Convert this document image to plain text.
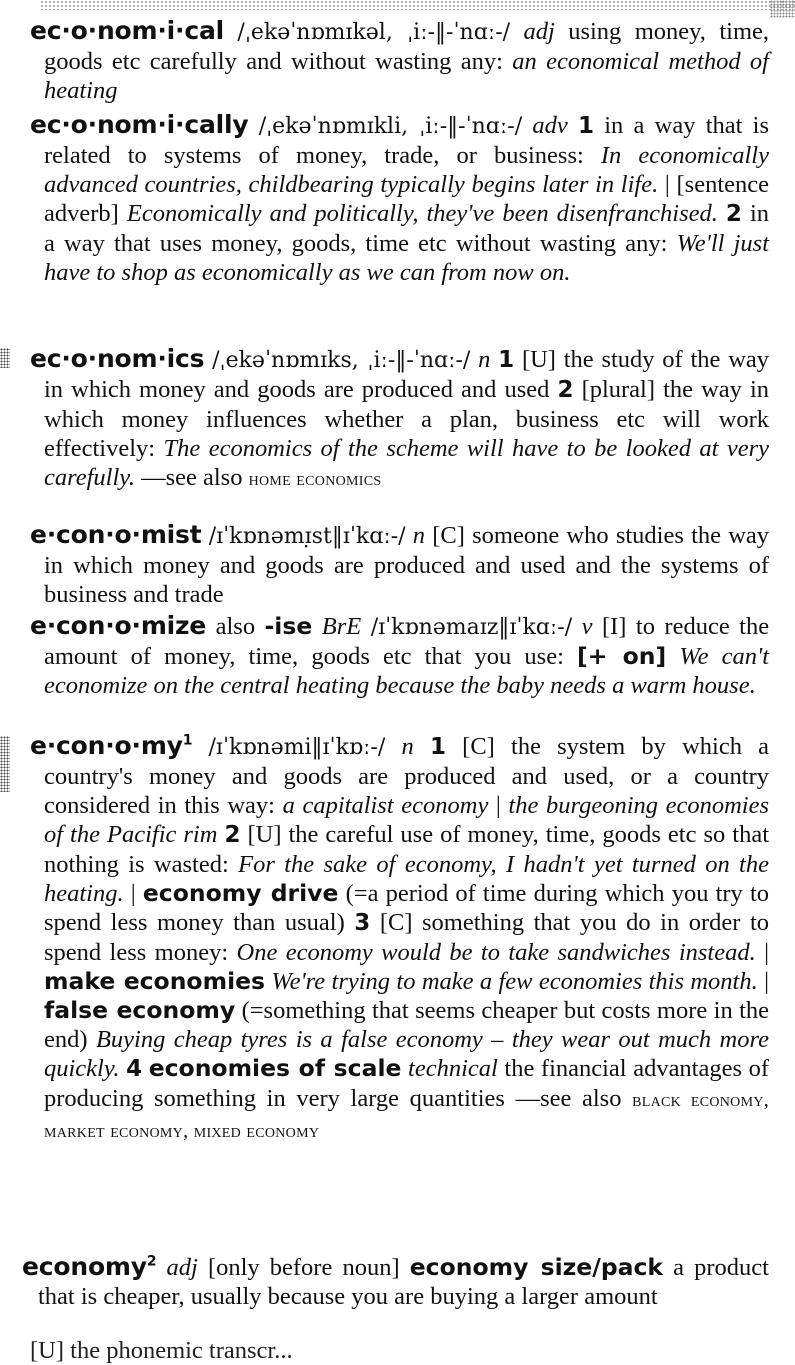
ec·o·nom·i·cal /ˌekəˈnɒmɪkəl, ˌiː-‖-ˈnɑː-/ adj using money, time, goods etc carefully and without wasting any: an economical method of heating
ec·o·nom·i·cally /ˌekəˈnɒmɪkli, ˌiː-‖-ˈnɑː-/ adv 1 in a way that is related to systems of money, trade, or business: In economically advanced countries, childbearing typically begins later in life. | [sentence adverb] Economically and politically, they've been disenfranchised. 2 in a way that uses money, goods, time etc without wasting any: We'll just have to shop as economically as we can from now on.
ec·o·nom·ics /ˌekəˈnɒmɪks, ˌiː-‖-ˈnɑː-/ n 1 [U] the study of the way in which money and goods are produced and used 2 [plural] the way in which money influences whether a plan, business etc will work effectively: The economics of the scheme will have to be looked at very carefully. —see also home economics
e·con·o·mist /ɪˈkɒnəmɪ̣st‖ɪˈkɑː-/ n [C] someone who studies the way in which money and goods are produced and used and the systems of business and trade
e·con·o·mize also -ise BrE /ɪˈkɒnəmaɪz‖ɪˈkɑː-/ v [I] to reduce the amount of money, time, goods etc that you use: [+ on] We can't economize on the central heating because the baby needs a warm house.
$e\cdot con\cdot o\cdot my^1$ /ɪˈkɒnəmi‖ɪˈkɒː-/ n 1 [C] the system by which a country's money and goods are produced and used, or a country considered in this way: a capitalist economy | the burgeoning economies of the Pacific rim 2 [U] the careful use of money, time, goods etc so that nothing is wasted: For the sake of economy, I hadn't yet turned on the heating. | economy drive (=a period of time during which you try to spend less money than usual) 3 [C] something that you do in order to spend less money: One economy would be to take sandwiches instead. | make economies We're trying to make a few economies this month. | false economy (=something that seems cheaper but costs more in the end) Buying cheap tyres is a false economy – they wear out much more quickly. 4 economies of scale technical the financial advantages of producing something in very large quantities —see also black economy, market economy, mixed economy
economy$^2$ adj [only before noun] economy size/pack a product that is cheaper, usually because you are buying a larger amount
[U] the phonemic transcr...
